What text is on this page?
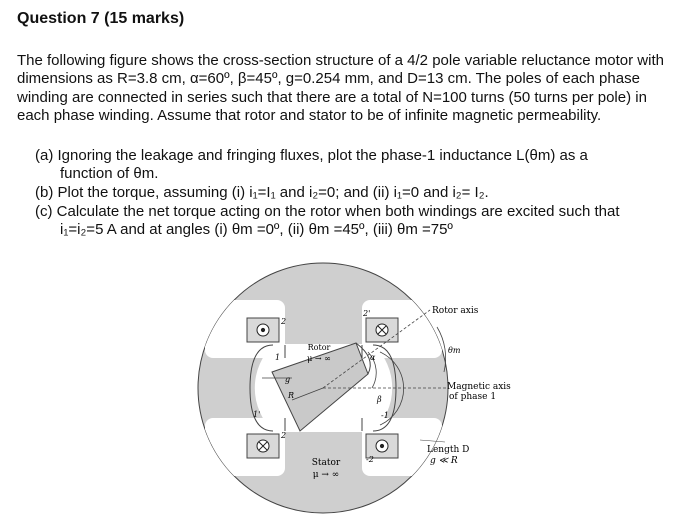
Question 7 (15 marks)

The following figure shows the cross-section structure of a 4/2 pole variable reluctance motor with dimensions as R=3.8 cm, α=60º, β=45º, g=0.254 mm, and D=13 cm. The poles of each phase winding are connected in series such that there are a total of N=100 turns (50 turns per pole) in each phase winding. Assume that rotor and stator to be of infinite magnetic permeability.

(a) Ignoring the leakage and fringing fluxes, plot the phase-1 inductance L(θm) as a
function of θm.

(b) Plot the torque, assuming (i) i₁=I₁ and i₂=0; and (ii) i₁=0 and i₂= I₂.

(c) Calculate the net torque acting on the rotor when both windings are excited such that
i₁=i₂=5 A and at angles (i) θm =0º, (ii) θm =45º, (iii) θm =75º

2
2'
1
1'	-1
-2
2
Rotor
μ → ∞	α
β
R
g
Rotor axis
θm
Magnetic axis
of phase 1
Length D
g ≪ R
Stator
μ → ∞
